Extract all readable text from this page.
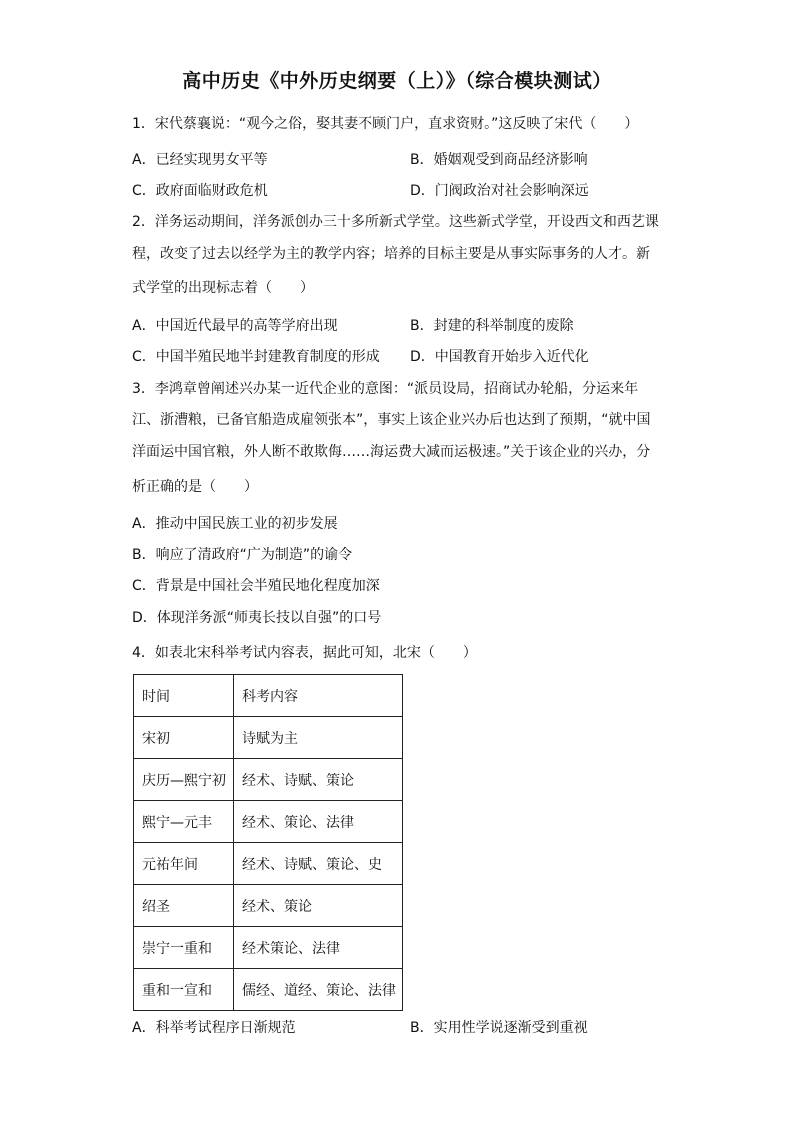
高中历史《中外历史纲要（上）》（综合模块测试）
1．宋代蔡襄说：“观今之俗，娶其妻不顾门户，直求资财。”这反映了宋代（　　）
A．已经实现男女平等	B．婚姻观受到商品经济影响
C．政府面临财政危机	D．门阀政治对社会影响深远
2．洋务运动期间，洋务派创办三十多所新式学堂。这些新式学堂，开设西文和西艺课
程，改变了过去以经学为主的教学内容；培养的目标主要是从事实际事务的人才。新
式学堂的出现标志着（　　）
A．中国近代最早的高等学府出现	B．封建的科举制度的废除
C．中国半殖民地半封建教育制度的形成 D．中国教育开始步入近代化
3．李鸿章曾阐述兴办某一近代企业的意图：“派员设局，招商试办轮船，分运来年
江、浙漕粮，已备官船造成雇领张本”，事实上该企业兴办后也达到了预期，“就中国
洋面运中国官粮，外人断不敢欺侮……海运费大减而运极速。”关于该企业的兴办，分
析正确的是（　　）
A．推动中国民族工业的初步发展
B．响应了清政府“广为制造”的谕令
C．背景是中国社会半殖民地化程度加深
D．体现洋务派“师夷长技以自强”的口号
4．如表北宋科举考试内容表，据此可知，北宋（　　）
时间	科考内容
宋初	诗赋为主
庆历—熙宁初	经术、诗赋、策论
熙宁—元丰	经术、策论、法律
元祐年间	经术、诗赋、策论、史
绍圣	经术、策论
崇宁一重和	经术策论、法律
重和一宣和	儒经、道经、策论、法律
A．科举考试程序日渐规范	B．实用性学说逐渐受到重视
